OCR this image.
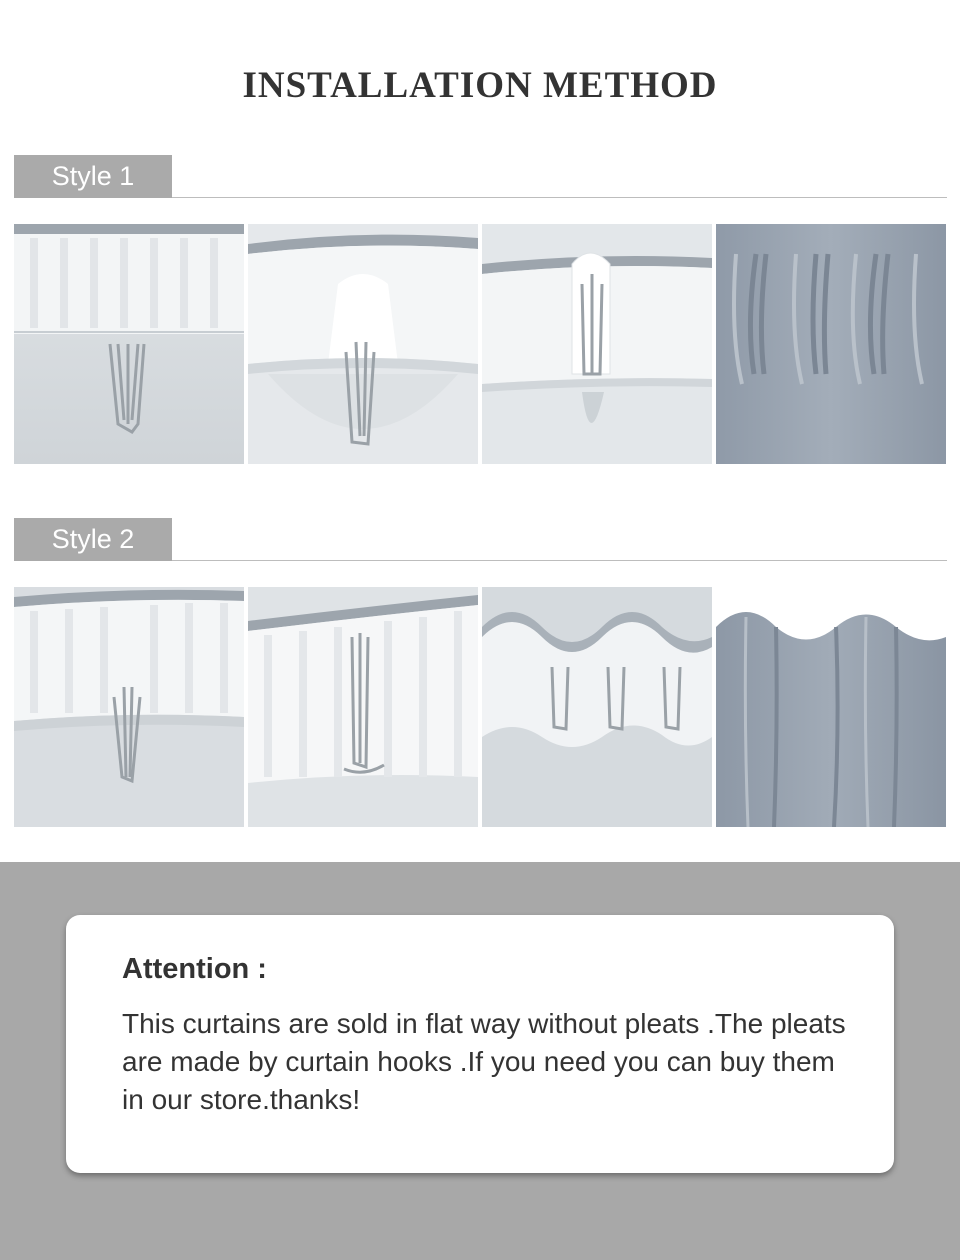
INSTALLATION METHOD
Style 1
Style 2
Attention :
This curtains are sold in flat way without pleats .The pleats are made by curtain hooks .If you need you can buy them in our store.thanks!
